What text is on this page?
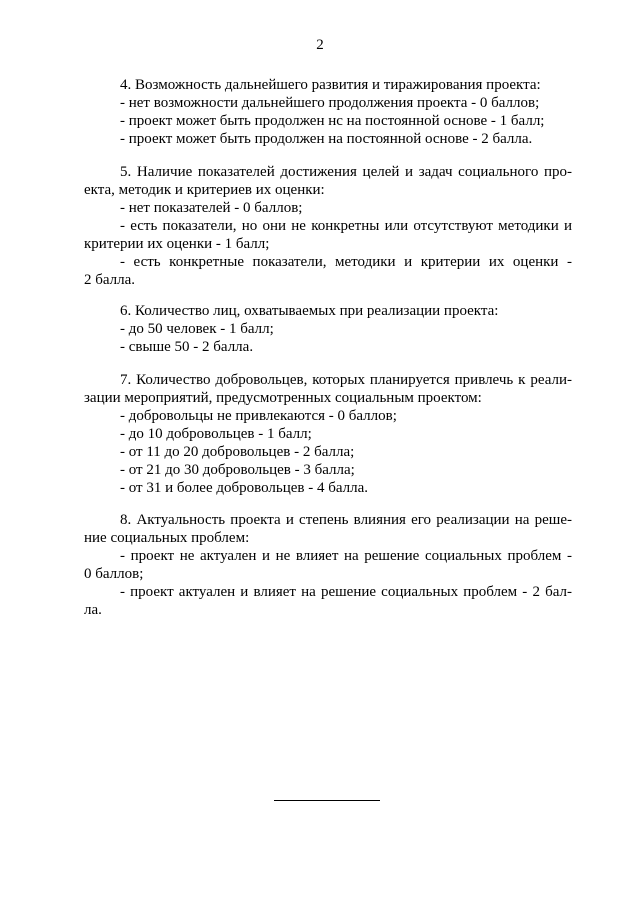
2
4. Возможность дальнейшего развития и тиражирования проекта:
- нет возможности дальнейшего продолжения проекта - 0 баллов;
- проект может быть продолжен нс на постоянной основе - 1 балл;
- проект может быть продолжен на постоянной основе - 2 балла.
5. Наличие показателей достижения целей и задач социального про-
екта, методик и критериев их оценки:
- нет показателей - 0 баллов;
- есть показатели, но они не конкретны или отсутствуют методики и
критерии их оценки - 1 балл;
- есть конкретные показатели, методики и критерии их оценки -
2 балла.
6. Количество лиц, охватываемых при реализации проекта:
- до 50 человек - 1 балл;
- свыше 50 - 2 балла.
7. Количество добровольцев, которых планируется привлечь к реали-
зации мероприятий, предусмотренных социальным проектом:
- добровольцы не привлекаются - 0 баллов;
- до 10 добровольцев - 1 балл;
- от 11 до 20 добровольцев - 2 балла;
- от 21 до 30 добровольцев - 3 балла;
- от 31 и более добровольцев - 4 балла.
8. Актуальность проекта и степень влияния его реализации на реше-
ние социальных проблем:
- проект не актуален и не влияет на решение социальных проблем -
0 баллов;
- проект актуален и влияет на решение социальных проблем - 2 бал-
ла.
